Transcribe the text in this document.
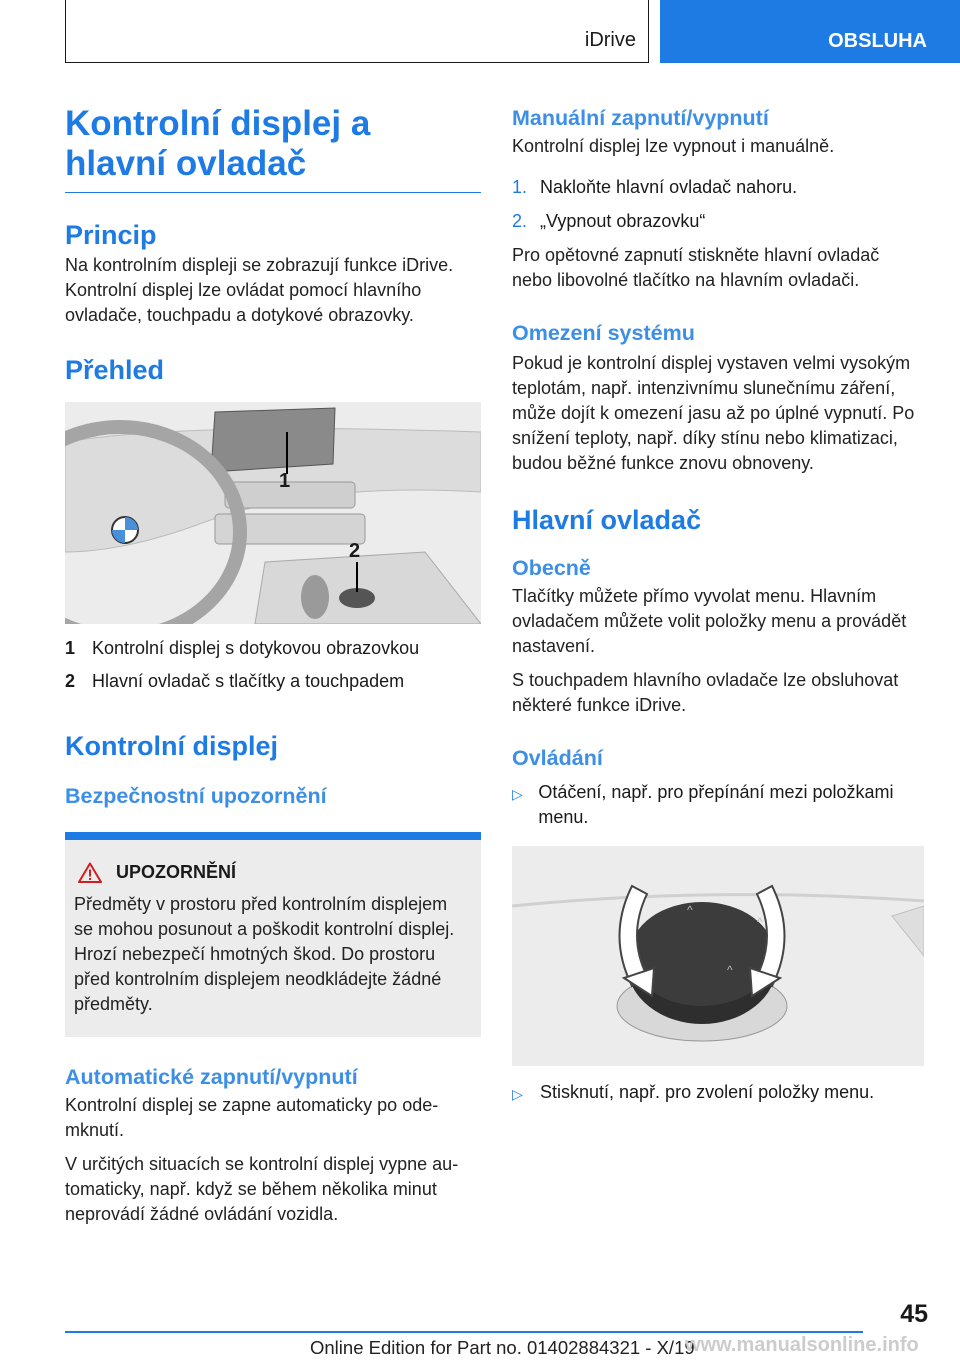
iDrive	OBSLUHA
Kontrolní displej a hlavní ovladač
Princip

Na kontrolním displeji se zobrazují funkce iDrive. Kontrolní displej lze ovládat pomocí hlavního ovladače, touchpadu a dotykové obrazovky.

Přehled
1
2
1 Kontrolní displej s dotykovou obrazovkou
2 Hlavní ovladač s tlačítky a touchpadem
Kontrolní displej
Bezpečnostní upozornění
UPOZORNĚNÍ

Předměty v prostoru před kontrolním displejem se mohou posunout a poškodit kontrolní displej. Hrozí nebezpečí hmotných škod. Do prostoru před kontrolním displejem neodkládejte žádné předměty.

Automatické zapnutí/vypnutí

Kontrolní displej se zapne automaticky po odemknutí.

V určitých situacích se kontrolní displej vypne automaticky, např. když se během několika minut neprovádí žádné ovládání vozidla.

Manuální zapnutí/vypnutí

Kontrolní displej lze vypnout i manuálně.

1. Nakloňte hlavní ovladač nahoru.
2. „Vypnout obrazovku“

Pro opětovné zapnutí stiskněte hlavní ovladač nebo libovolné tlačítko na hlavním ovladači.

Omezení systému

Pokud je kontrolní displej vystaven velmi vysokým teplotám, např. intenzivnímu slunečnímu záření, může dojít k omezení jasu až po úplné vypnutí. Po snížení teploty, např. díky stínu nebo klimatizaci, budou běžné funkce znovu obnoveny.

Hlavní ovladač
Obecně

Tlačítky můžete přímo vyvolat menu. Hlavním ovladačem můžete volit položky menu a provádět nastavení.

S touchpadem hlavního ovladače lze obsluhovat některé funkce iDrive.

Ovládání
▷ Otáčení, např. pro přepínání mezi položkami menu.
^
^
^
▷ Stisknutí, např. pro zvolení položky menu.
45
Online Edition for Part no. 01402884321 - X/19
www.manualsonline.info
